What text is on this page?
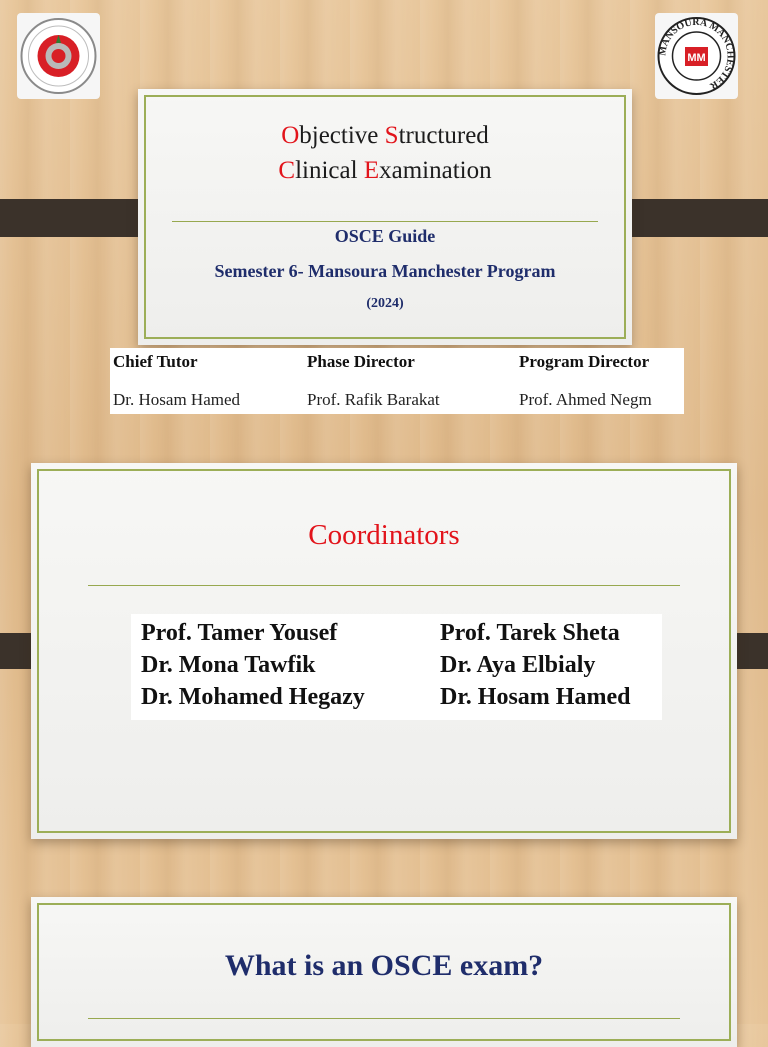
MANSOURA MANCHESTER
MM
Objective Structured
Clinical Examination
OSCE Guide
Semester 6- Mansoura Manchester Program
(2024)
Chief Tutor
Dr. Hosam Hamed
Phase Director
Prof. Rafik Barakat
Program Director
Prof. Ahmed Negm
Coordinators
Prof. Tamer Yousef
Dr. Mona Tawfik
Dr. Mohamed Hegazy
Prof. Tarek Sheta
Dr. Aya Elbialy
Dr. Hosam Hamed
What is an OSCE exam?
